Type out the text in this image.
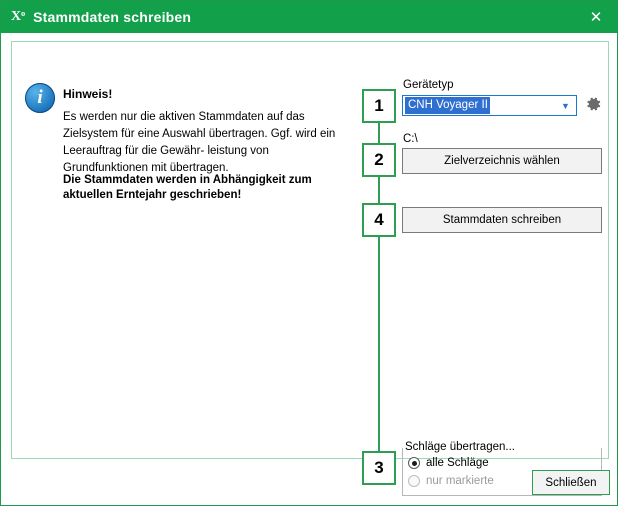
Xᵒ Stammdaten schreiben	✕
i	Hinweis!
Es werden nur die aktiven Stammdaten auf das Zielsystem für eine Auswahl übertragen. Ggf. wird ein Leerauftrag für die Gewähr- leistung von Grundfunktionen mit übertragen.
Die Stammdaten werden in Abhängigkeit zum aktuellen Erntejahr geschrieben!
1
2
4
3
Gerätetyp
CNH Voyager II	▼
C:\
Zielverzeichnis wählen
Stammdaten schreiben
Schläge übertragen...
alle Schläge
nur markierte	Schließen
